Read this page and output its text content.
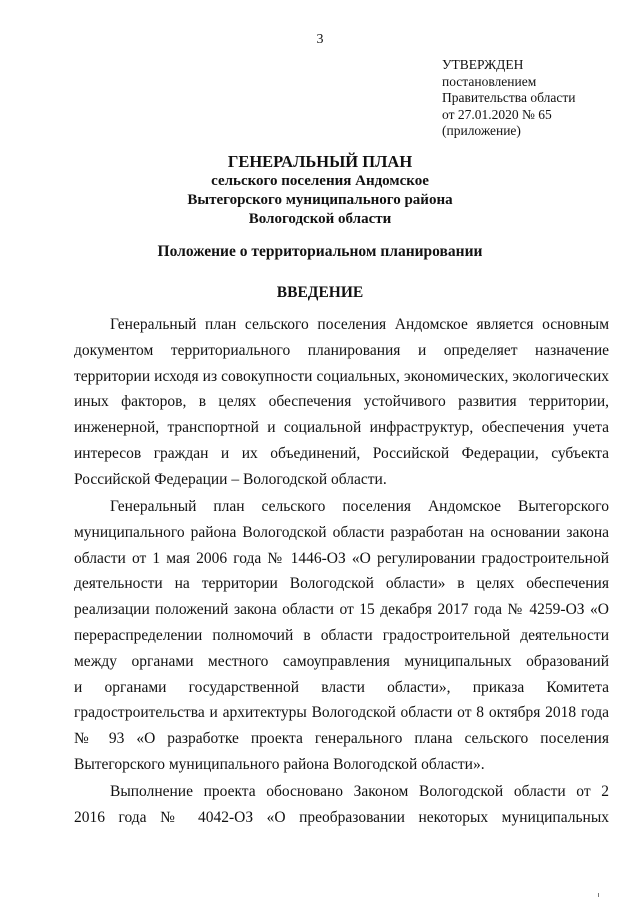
3
УТВЕРЖДЕН
постановлением
Правительства области
от 27.01.2020 № 65
(приложение)
ГЕНЕРАЛЬНЫЙ ПЛАН
сельского поселения Андомское
Вытегорского муниципального района
Вологодской области
Положение о территориальном планировании
ВВЕДЕНИЕ
Генеральный план сельского поселения Андомское является основным
документом территориального планирования и определяет назначение
территории исходя из совокупности социальных, экономических, экологических
иных факторов, в целях обеспечения устойчивого развития территории,
инженерной, транспортной и социальной инфраструктур, обеспечения учета
интересов граждан и их объединений, Российской Федерации, субъекта
Российской Федерации – Вологодской области.
Генеральный план сельского поселения Андомское Вытегорского
муниципального района Вологодской области разработан на основании закона
области от 1 мая 2006 года № 1446-ОЗ «О регулировании градостроительной
деятельности на территории Вологодской области» в целях обеспечения
реализации положений закона области от 15 декабря 2017 года № 4259-ОЗ «О
перераспределении полномочий в области градостроительной деятельности
между органами местного самоуправления муниципальных образований
и органами государственной власти области», приказа Комитета
градостроительства и архитектуры Вологодской области от 8 октября 2018 года
№ 93 «О разработке проекта генерального плана сельского поселения
Вытегорского муниципального района Вологодской области».
Выполнение проекта обосновано Законом Вологодской области от 2
2016 года № 4042-ОЗ «О преобразовании некоторых муниципальных
